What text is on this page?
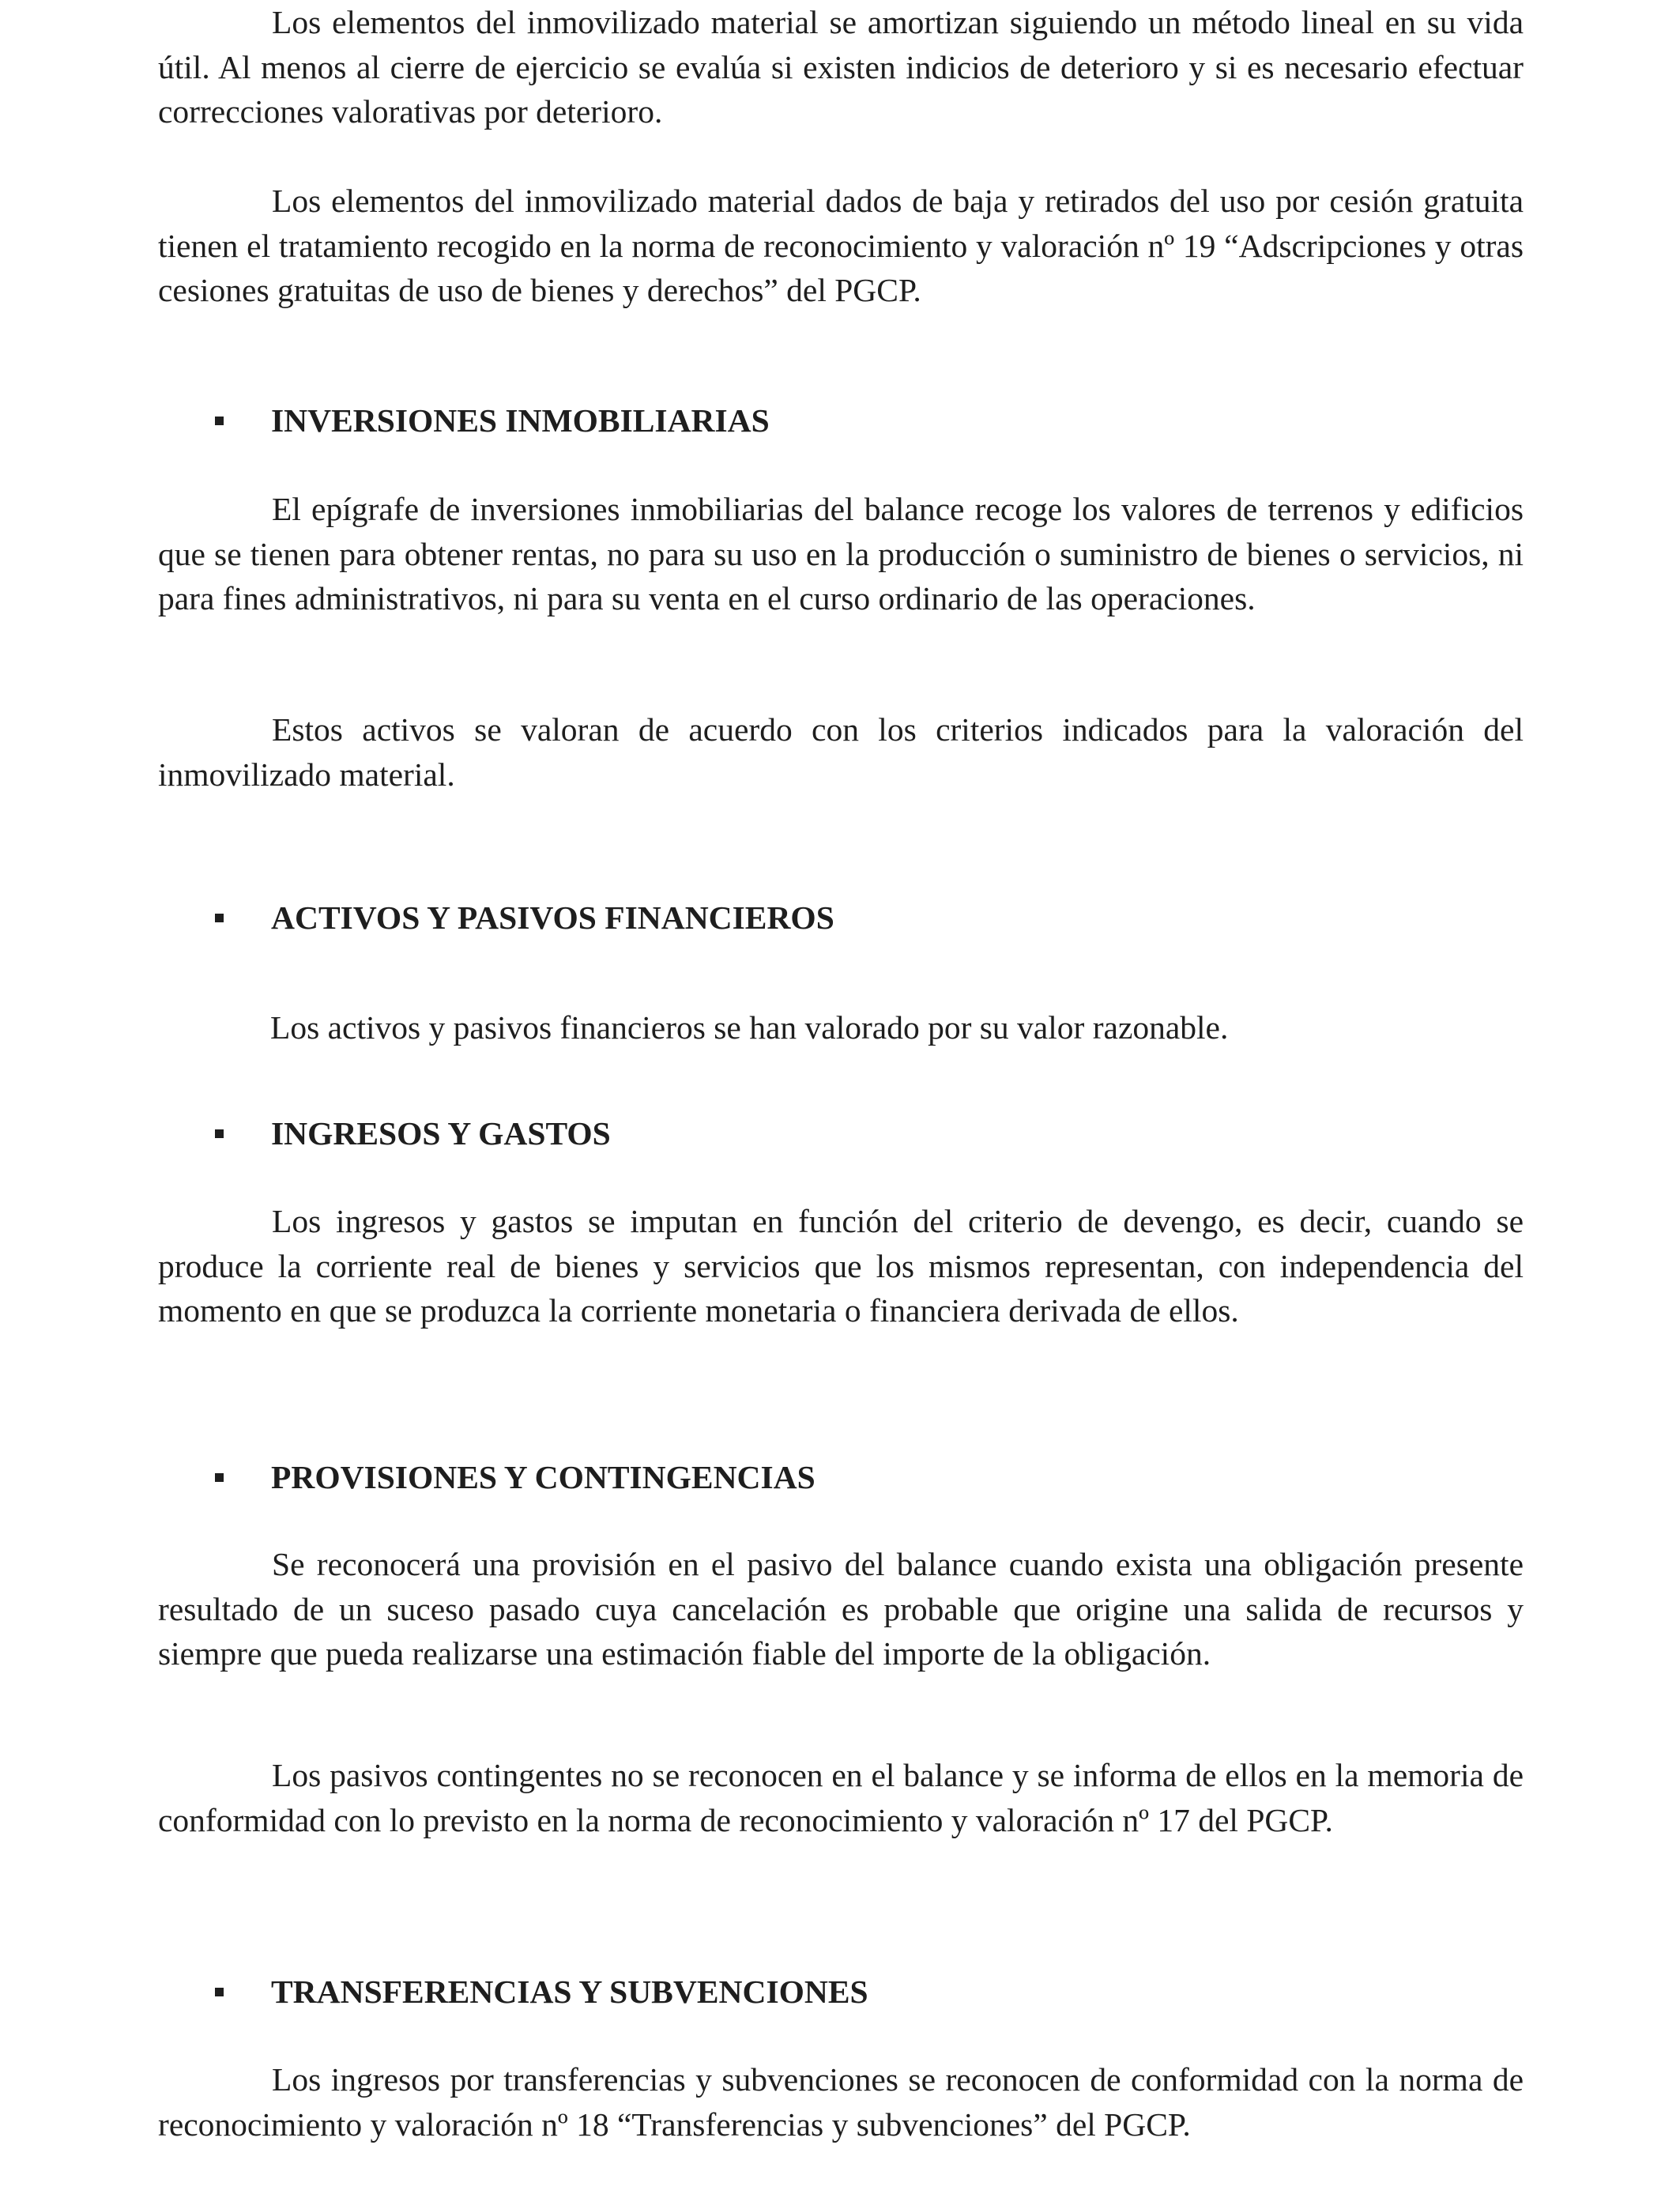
Los elementos del inmovilizado material se amortizan siguiendo un método lineal en su vida útil. Al menos al cierre de ejercicio se evalúa si existen indicios de deterioro y si es necesario efectuar correcciones valorativas por deterioro.

Los elementos del inmovilizado material dados de baja y retirados del uso por cesión gratuita tienen el tratamiento recogido en la norma de reconocimiento y valoración nº 19 “Adscripciones y otras cesiones gratuitas de uso de bienes y derechos” del PGCP.

INVERSIONES INMOBILIARIAS

El epígrafe de inversiones inmobiliarias del balance recoge los valores de terrenos y edificios que se tienen para obtener rentas, no para su uso en la producción o suministro de bienes o servicios, ni para fines administrativos, ni para su venta en el curso ordinario de las operaciones.

Estos activos se valoran de acuerdo con los criterios indicados para la valoración del inmovilizado material.

ACTIVOS Y PASIVOS FINANCIEROS

Los activos y pasivos financieros se han valorado por su valor razonable.

INGRESOS Y GASTOS

Los ingresos y gastos se imputan en función del criterio de devengo, es decir, cuando se produce la corriente real de bienes y servicios que los mismos representan, con independencia del momento en que se produzca la corriente monetaria o financiera derivada de ellos.

PROVISIONES Y CONTINGENCIAS

Se reconocerá una provisión en el pasivo del balance cuando exista una obligación presente resultado de un suceso pasado cuya cancelación es probable que origine una salida de recursos y siempre que pueda realizarse una estimación fiable del importe de la obligación.

Los pasivos contingentes no se reconocen en el balance y se informa de ellos en la memoria de conformidad con lo previsto en la norma de reconocimiento y valoración nº 17 del PGCP.

TRANSFERENCIAS Y SUBVENCIONES

Los ingresos por transferencias y subvenciones se reconocen de conformidad con la norma de reconocimiento y valoración nº 18 “Transferencias y subvenciones” del PGCP.
